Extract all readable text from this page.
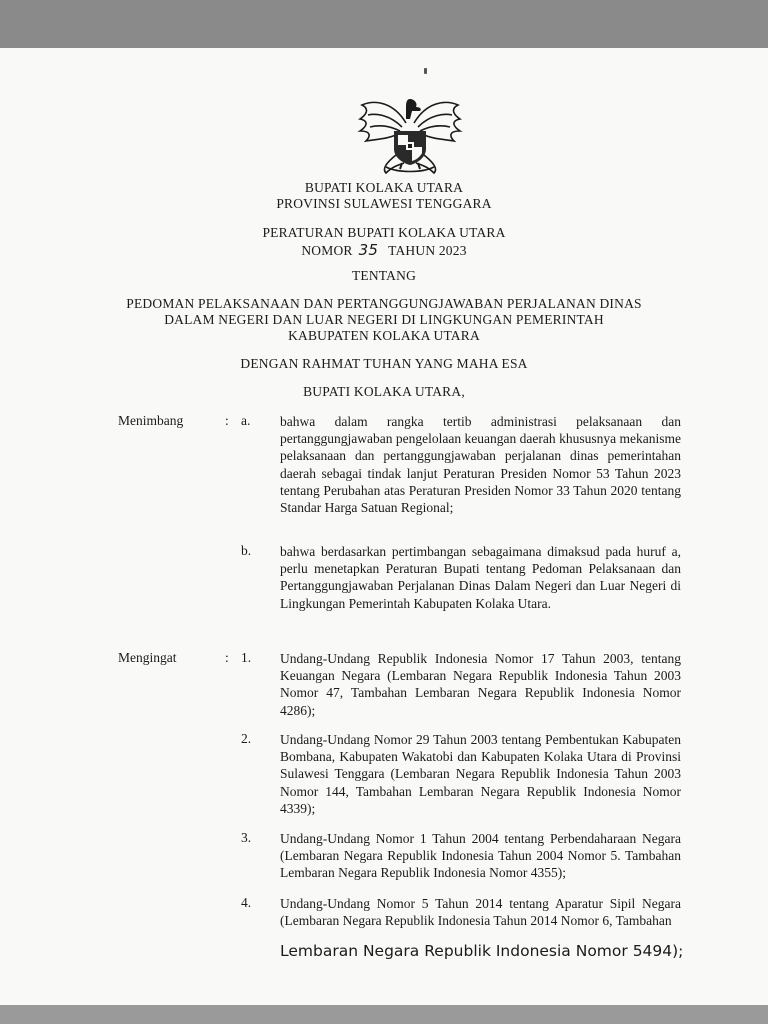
BUPATI KOLAKA UTARA
PROVINSI SULAWESI TENGGARA
PERATURAN BUPATI KOLAKA UTARA
NOMOR 35 TAHUN 2023
TENTANG
PEDOMAN PELAKSANAAN DAN PERTANGGUNGJAWABAN PERJALANAN DINAS
DALAM NEGERI DAN LUAR NEGERI DI LINGKUNGAN PEMERINTAH
KABUPATEN KOLAKA UTARA
DENGAN RAHMAT TUHAN YANG MAHA ESA
BUPATI KOLAKA UTARA,
Menimbang	: a. bahwa dalam rangka tertib administrasi pelaksanaan dan pertanggungjawaban pengelolaan keuangan daerah khususnya mekanisme pelaksanaan dan pertanggungjawaban perjalanan dinas pemerintahan daerah sebagai tindak lanjut Peraturan Presiden Nomor 53 Tahun 2023 tentang Perubahan atas Peraturan Presiden Nomor 33 Tahun 2020 tentang Standar Harga Satuan Regional;
b. bahwa berdasarkan pertimbangan sebagaimana dimaksud pada huruf a, perlu menetapkan Peraturan Bupati tentang Pedoman Pelaksanaan dan Pertanggungjawaban Perjalanan Dinas Dalam Negeri dan Luar Negeri di Lingkungan Pemerintah Kabupaten Kolaka Utara.
Mengingat	: 1. Undang-Undang Republik Indonesia Nomor 17 Tahun 2003, tentang Keuangan Negara (Lembaran Negara Republik Indonesia Tahun 2003 Nomor 47, Tambahan Lembaran Negara Republik Indonesia Nomor 4286);
2. Undang-Undang Nomor 29 Tahun 2003 tentang Pembentukan Kabupaten Bombana, Kabupaten Wakatobi dan Kabupaten Kolaka Utara di Provinsi Sulawesi Tenggara (Lembaran Negara Republik Indonesia Tahun 2003 Nomor 144, Tambahan Lembaran Negara Republik Indonesia Nomor 4339);
3. Undang-Undang Nomor 1 Tahun 2004 tentang Perbendaharaan Negara (Lembaran Negara Republik Indonesia Tahun 2004 Nomor 5. Tambahan Lembaran Negara Republik Indonesia Nomor 4355);
4. Undang-Undang Nomor 5 Tahun 2014 tentang Aparatur Sipil Negara (Lembaran Negara Republik Indonesia Tahun 2014 Nomor 6, Tambahan
Lembaran Negara Republik Indonesia Nomor 5494);
